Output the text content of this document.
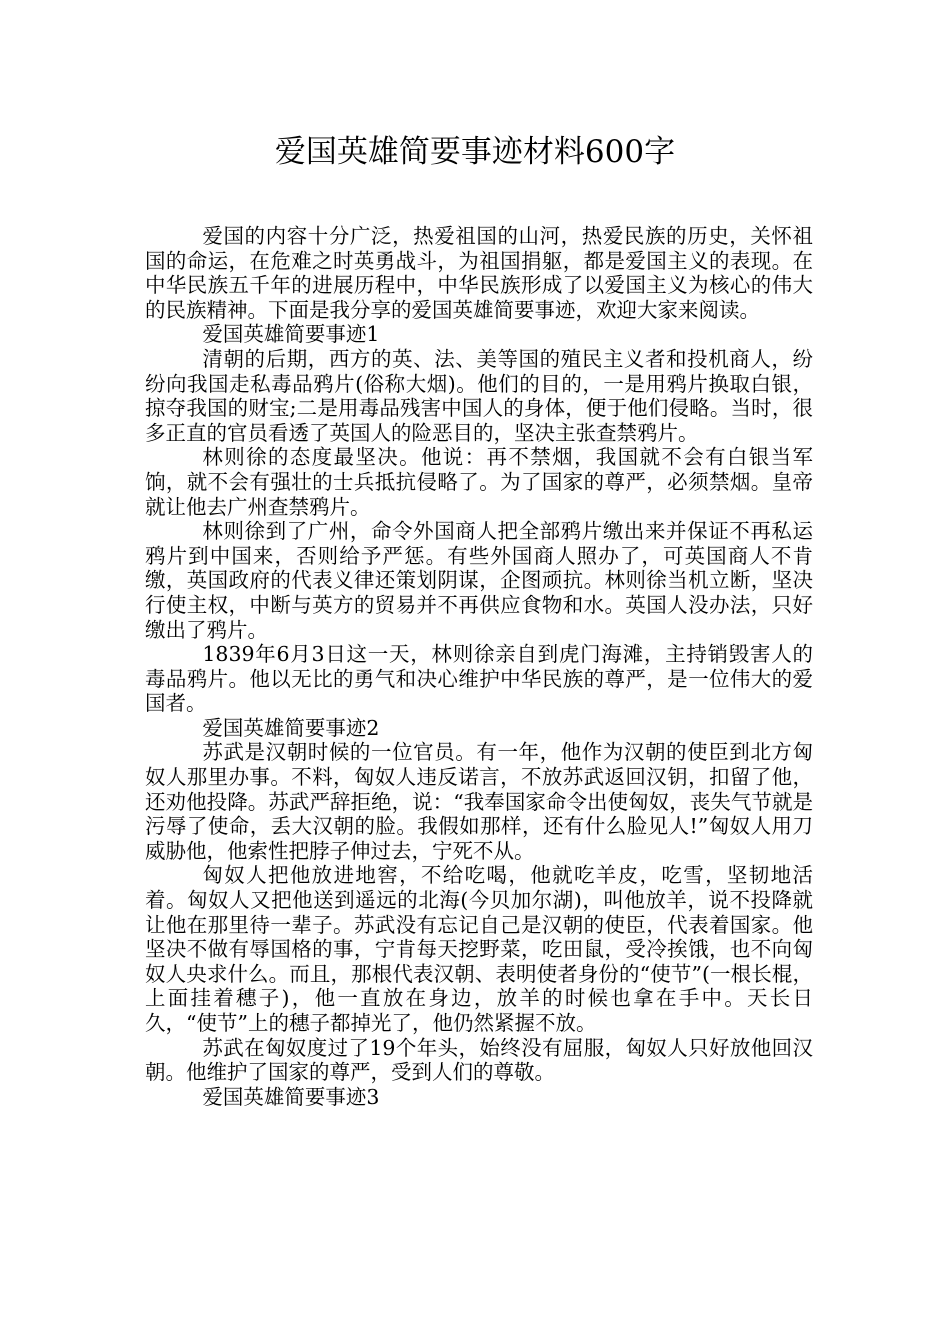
爱国英雄简要事迹材料600字

爱国的内容十分广泛，热爱祖国的山河，热爱民族的历史，关怀祖国的命运，在危难之时英勇战斗，为祖国捐躯，都是爱国主义的表现。在中华民族五千年的进展历程中，中华民族形成了以爱国主义为核心的伟大的民族精神。下面是我分享的爱国英雄简要事迹，欢迎大家来阅读。

爱国英雄简要事迹1

清朝的后期，西方的英、法、美等国的殖民主义者和投机商人，纷纷向我国走私毒品鸦片(俗称大烟)。他们的目的，一是用鸦片换取白银，掠夺我国的财宝;二是用毒品残害中国人的身体，便于他们侵略。当时，很多正直的官员看透了英国人的险恶目的，坚决主张查禁鸦片。

林则徐的态度最坚决。他说：再不禁烟，我国就不会有白银当军饷，就不会有强壮的士兵抵抗侵略了。为了国家的尊严，必须禁烟。皇帝就让他去广州查禁鸦片。

林则徐到了广州，命令外国商人把全部鸦片缴出来并保证不再私运鸦片到中国来，否则给予严惩。有些外国商人照办了，可英国商人不肯缴，英国政府的代表义律还策划阴谋，企图顽抗。林则徐当机立断，坚决行使主权，中断与英方的贸易并不再供应食物和水。英国人没办法，只好缴出了鸦片。

1839年6月3日这一天，林则徐亲自到虎门海滩，主持销毁害人的毒品鸦片。他以无比的勇气和决心维护中华民族的尊严，是一位伟大的爱国者。

爱国英雄简要事迹2

苏武是汉朝时候的一位官员。有一年，他作为汉朝的使臣到北方匈奴人那里办事。不料，匈奴人违反诺言，不放苏武返回汉钥，扣留了他，还劝他投降。苏武严辞拒绝，说：“我奉国家命令出使匈奴，丧失气节就是污辱了使命，丢大汉朝的脸。我假如那样，还有什么脸见人!”匈奴人用刀威胁他，他索性把脖子伸过去，宁死不从。

匈奴人把他放进地窖，不给吃喝，他就吃羊皮，吃雪，坚韧地活着。匈奴人又把他送到遥远的北海(今贝加尔湖)，叫他放羊，说不投降就让他在那里待一辈子。苏武没有忘记自己是汉朝的使臣，代表着国家。他坚决不做有辱国格的事，宁肯每天挖野菜，吃田鼠，受冷挨饿，也不向匈奴人央求什么。而且，那根代表汉朝、表明使者身份的“使节”(一根长棍，上面挂着穗子)，他一直放在身边，放羊的时候也拿在手中。天长日久，“使节”上的穗子都掉光了，他仍然紧握不放。

苏武在匈奴度过了19个年头，始终没有屈服，匈奴人只好放他回汉朝。他维护了国家的尊严，受到人们的尊敬。

爱国英雄简要事迹3
